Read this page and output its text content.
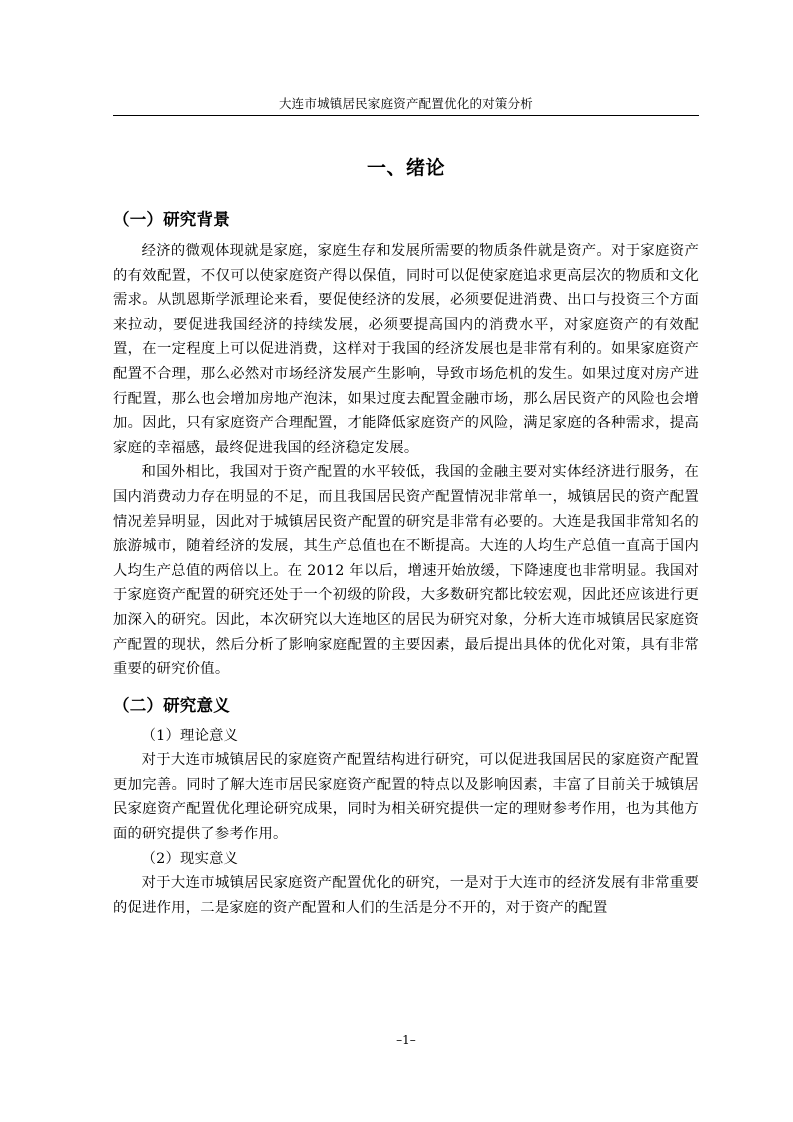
大连市城镇居民家庭资产配置优化的对策分析
一、绪论
（一）研究背景

经济的微观体现就是家庭，家庭生存和发展所需要的物质条件就是资产。对于家庭资产的有效配置，不仅可以使家庭资产得以保值，同时可以促使家庭追求更高层次的物质和文化需求。从凯恩斯学派理论来看，要促使经济的发展，必须要促进消费、出口与投资三个方面来拉动，要促进我国经济的持续发展，必须要提高国内的消费水平，对家庭资产的有效配置，在一定程度上可以促进消费，这样对于我国的经济发展也是非常有利的。如果家庭资产配置不合理，那么必然对市场经济发展产生影响，导致市场危机的发生。如果过度对房产进行配置，那么也会增加房地产泡沫，如果过度去配置金融市场，那么居民资产的风险也会增加。因此，只有家庭资产合理配置，才能降低家庭资产的风险，满足家庭的各种需求，提高家庭的幸福感，最终促进我国的经济稳定发展。

和国外相比，我国对于资产配置的水平较低，我国的金融主要对实体经济进行服务，在国内消费动力存在明显的不足，而且我国居民资产配置情况非常单一，城镇居民的资产配置情况差异明显，因此对于城镇居民资产配置的研究是非常有必要的。大连是我国非常知名的旅游城市，随着经济的发展，其生产总值也在不断提高。大连的人均生产总值一直高于国内人均生产总值的两倍以上。在 2012 年以后，增速开始放缓，下降速度也非常明显。我国对于家庭资产配置的研究还处于一个初级的阶段，大多数研究都比较宏观，因此还应该进行更加深入的研究。因此，本次研究以大连地区的居民为研究对象，分析大连市城镇居民家庭资产配置的现状，然后分析了影响家庭配置的主要因素，最后提出具体的优化对策，具有非常重要的研究价值。

（二）研究意义

（1）理论意义

对于大连市城镇居民的家庭资产配置结构进行研究，可以促进我国居民的家庭资产配置更加完善。同时了解大连市居民家庭资产配置的特点以及影响因素，丰富了目前关于城镇居民家庭资产配置优化理论研究成果，同时为相关研究提供一定的理财参考作用，也为其他方面的研究提供了参考作用。

（2）现实意义

对于大连市城镇居民家庭资产配置优化的研究，一是对于大连市的经济发展有非常重要的促进作用，二是家庭的资产配置和人们的生活是分不开的，对于资产的配置

–1–
